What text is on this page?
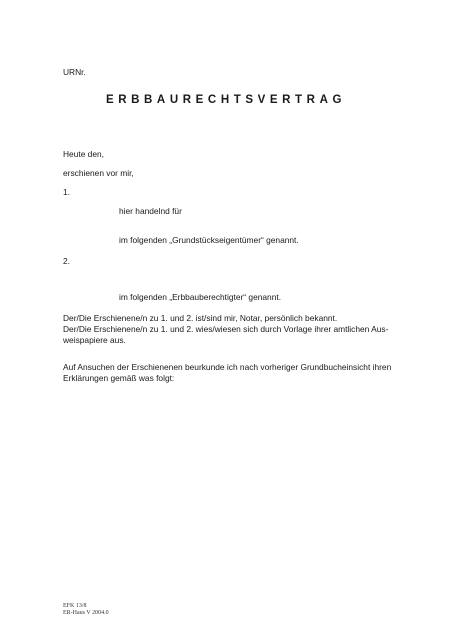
URNr.
ERBBAURECHTSVERTRAG
Heute den,
erschienen vor mir,
1.
hier handelnd für
im folgenden „Grundstückseigentümer“ genannt.
2.
im folgenden „Erbbauberechtigter“ genannt.
Der/Die Erschienene/n zu 1. und 2. ist/sind mir, Notar, persönlich bekannt.
Der/Die Erschienene/n zu 1. und 2. wies/wiesen sich durch Vorlage ihrer amtlichen Aus-
weispapiere aus.
Auf Ansuchen der Erschienenen beurkunde ich nach vorheriger Grundbucheinsicht ihren
Erklärungen gemäß was folgt:
EFK 13/8
ER-Haus V 2004.0
